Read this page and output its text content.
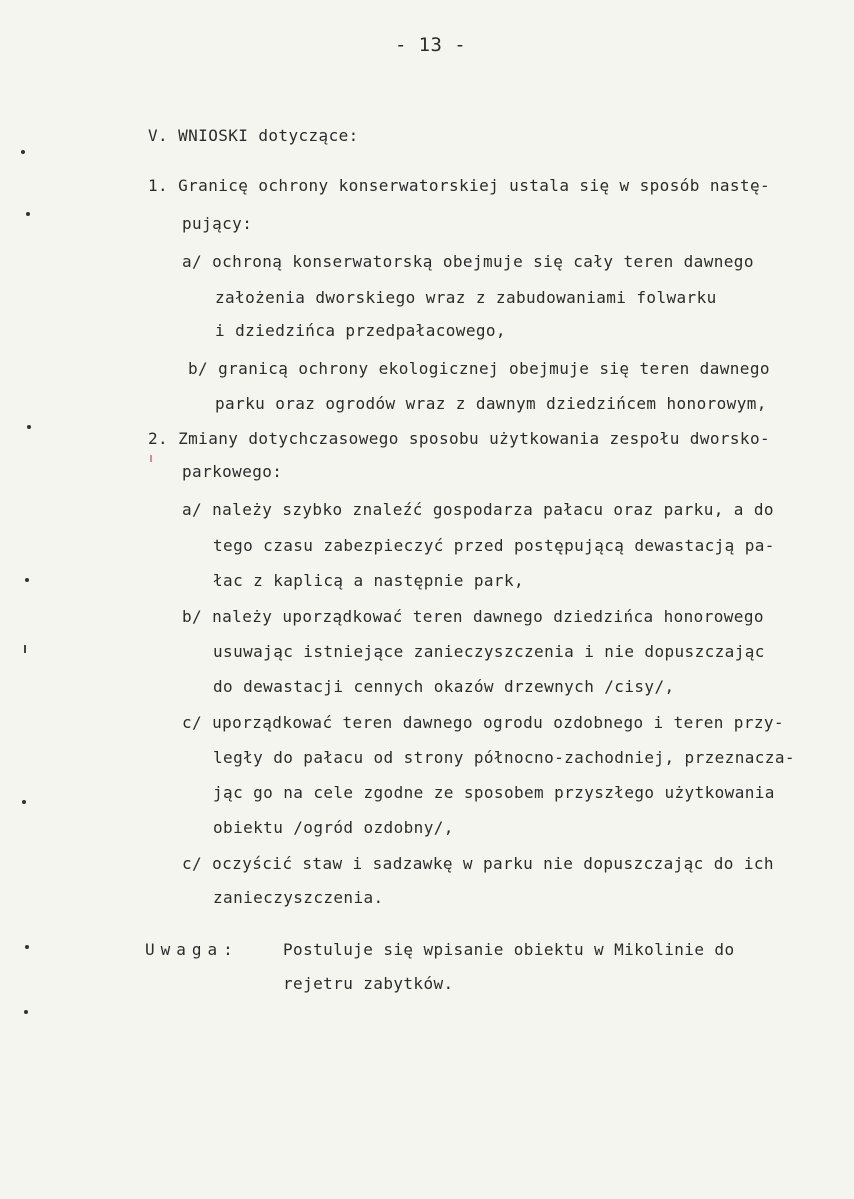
- 13 -
V. WNIOSKI dotyczące:
1. Granicę ochrony konserwatorskiej ustala się w sposób nastę-
pujący:
a/ ochroną konserwatorską obejmuje się cały teren dawnego
założenia dworskiego wraz z zabudowaniami folwarku
i dziedzińca przedpałacowego,
b/ granicą ochrony ekologicznej obejmuje się teren dawnego
parku oraz ogrodów wraz z dawnym dziedzińcem honorowym,
2. Zmiany dotychczasowego sposobu użytkowania zespołu dworsko-
parkowego:
a/ należy szybko znaleźć gospodarza pałacu oraz parku, a do
tego czasu zabezpieczyć przed postępującą dewastacją pa-
łac z kaplicą a następnie park,
b/ należy uporządkować teren dawnego dziedzińca honorowego
usuwając istniejące zanieczyszczenia i nie dopuszczając
do dewastacji cennych okazów drzewnych /cisy/,
c/ uporządkować teren dawnego ogrodu ozdobnego i teren przy-
legły do pałacu od strony północno-zachodniej, przeznacza-
jąc go na cele zgodne ze sposobem przyszłego użytkowania
obiektu /ogród ozdobny/,
c/ oczyścić staw i sadzawkę w parku nie dopuszczając do ich
zanieczyszczenia.
Uwaga:	Postuluje się wpisanie obiektu w Mikolinie do
rejetru zabytków.
